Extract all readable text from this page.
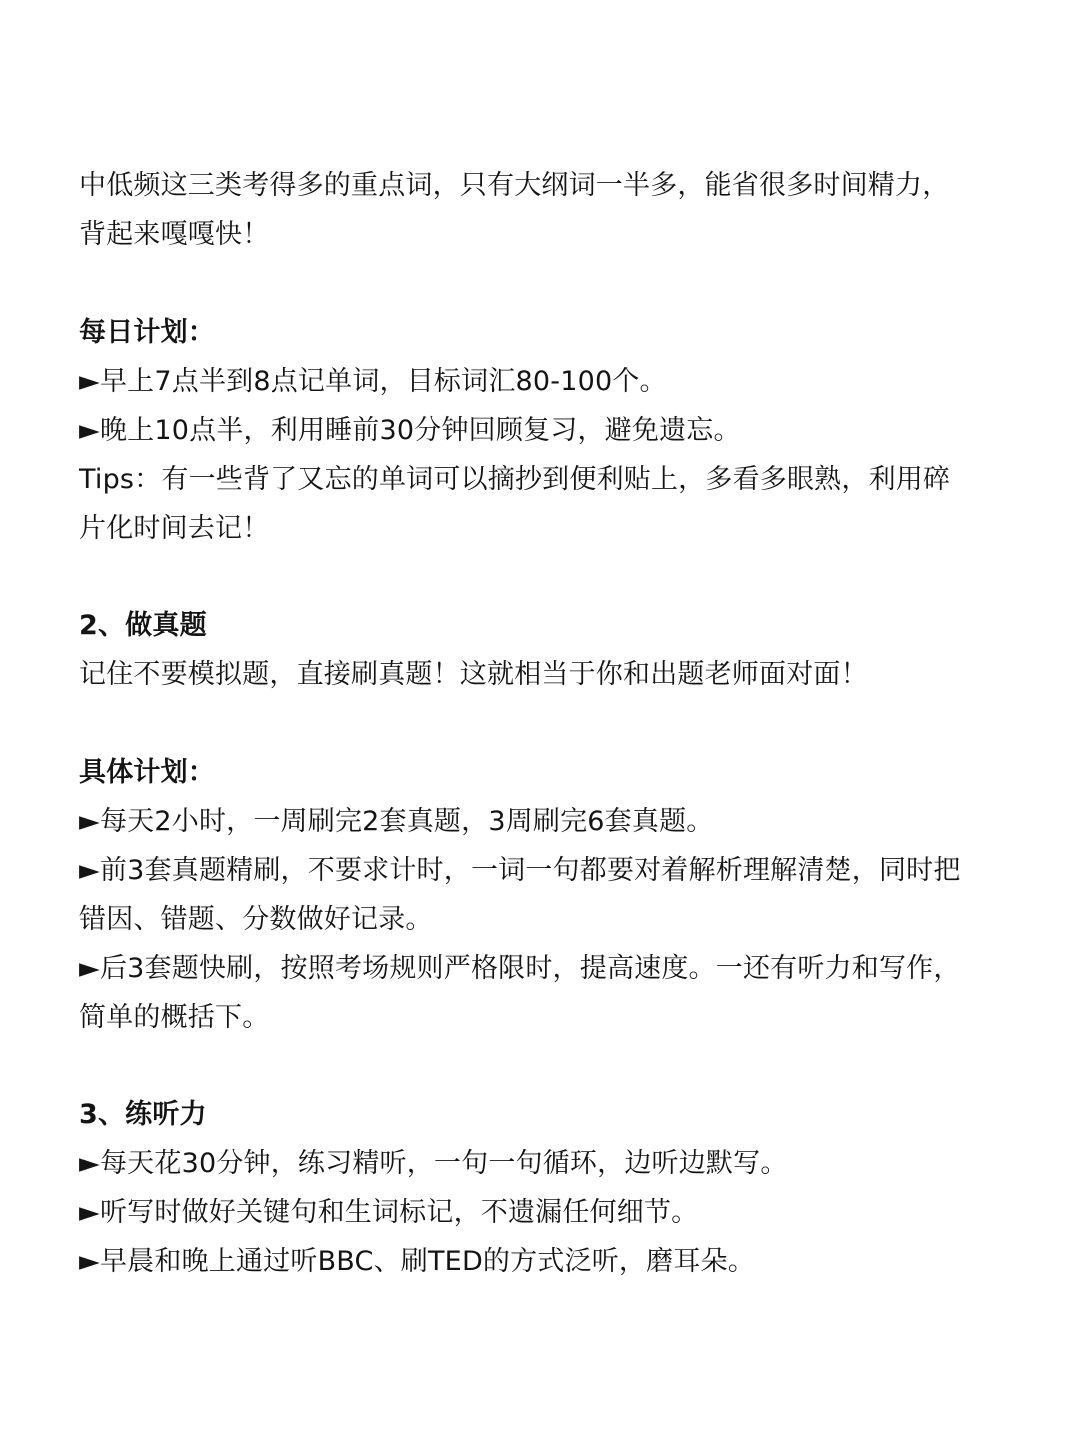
中低频这三类考得多的重点词，只有大纲词一半多，能省很多时间精力，
背起来嘎嘎快！
每日计划：
►早上7点半到8点记单词，目标词汇80-100个。
►晚上10点半，利用睡前30分钟回顾复习，避免遗忘。
Tips：有一些背了又忘的单词可以摘抄到便利贴上，多看多眼熟，利用碎
片化时间去记！
2、做真题
记住不要模拟题，直接刷真题！这就相当于你和出题老师面对面！
具体计划：
►每天2小时，一周刷完2套真题，3周刷完6套真题。
►前3套真题精刷，不要求计时，一词一句都要对着解析理解清楚，同时把
错因、错题、分数做好记录。
►后3套题快刷，按照考场规则严格限时，提高速度。一还有听力和写作，
简单的概括下。
3、练听力
►每天花30分钟，练习精听，一句一句循环，边听边默写。
►听写时做好关键句和生词标记，不遗漏任何细节。
►早晨和晚上通过听BBC、刷TED的方式泛听，磨耳朵。
